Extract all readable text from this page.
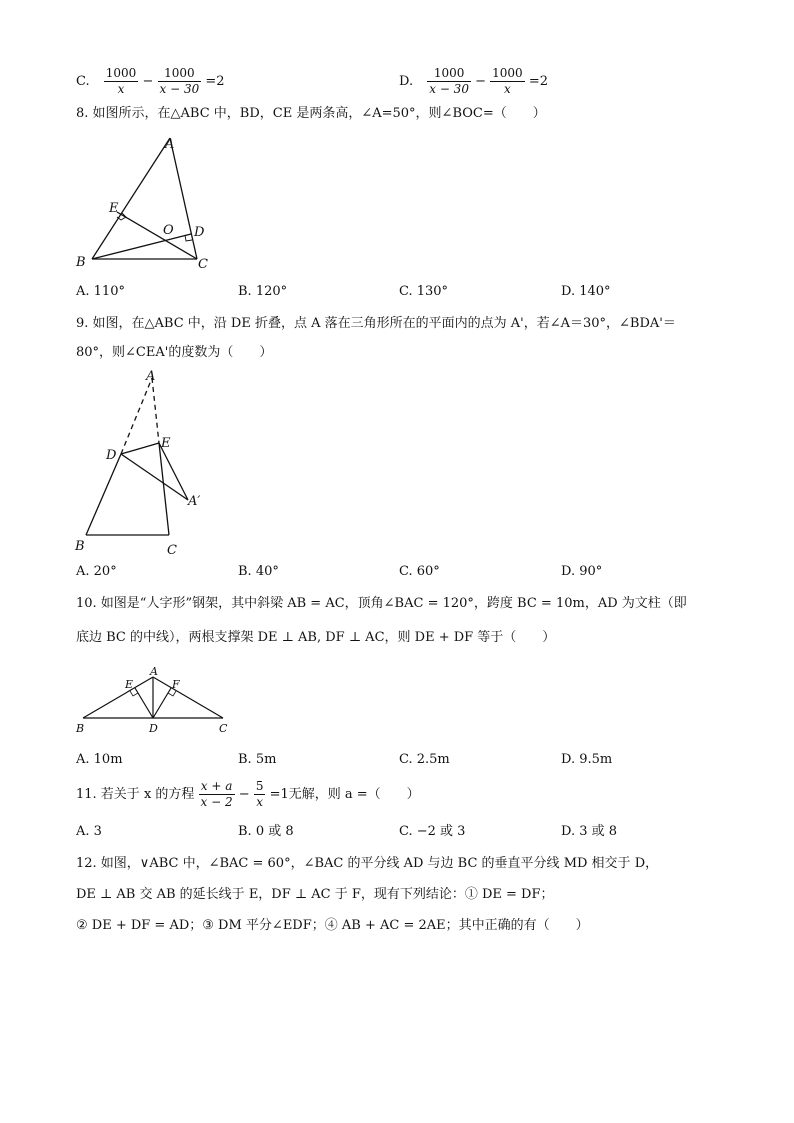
C. $\frac{1000}{x} - \frac{1000}{x - 30} =2$	D. $\frac{1000}{x - 30} - \frac{1000}{x} =2$
8. 如图所示，在△ABC 中，BD，CE 是两条高，∠A=50°，则∠BOC=（　　）
A
E
O D
B	C
A. 110°	B. 120°	C. 130°	D. 140°
9. 如图，在△ABC 中，沿 DE 折叠，点 A 落在三角形所在的平面内的点为 A'，若∠A＝30°，∠BDA'＝
80°，则∠CEA'的度数为（　　）
A
D
E
A′
B	C
A. 20°	B. 40°	C. 60°	D. 90°
10. 如图是“人字形”钢架，其中斜梁 AB = AC，顶角∠BAC = 120°，跨度 BC = 10m，AD 为文柱（即
底边 BC 的中线），两根支撑架 DE ⊥ AB, DF ⊥ AC，则 DE + DF 等于（　　）
A
E	F
B	D	C
A. 10m	B. 5m	C. 2.5m	D. 9.5m
11. 若关于 x 的方程 $\frac{x + a}{x - 2} - \frac{5}{x} =1$无解，则 a =（　　）
A. 3	B. 0 或 8	C. −2 或 3	D. 3 或 8
12. 如图，∨ABC 中，∠BAC = 60°，∠BAC 的平分线 AD 与边 BC 的垂直平分线 MD 相交于 D，
DE ⊥ AB 交 AB 的延长线于 E，DF ⊥ AC 于 F，现有下列结论：① DE = DF；
② DE + DF = AD；③ DM 平分∠EDF；④ AB + AC = 2AE；其中正确的有（　　）
